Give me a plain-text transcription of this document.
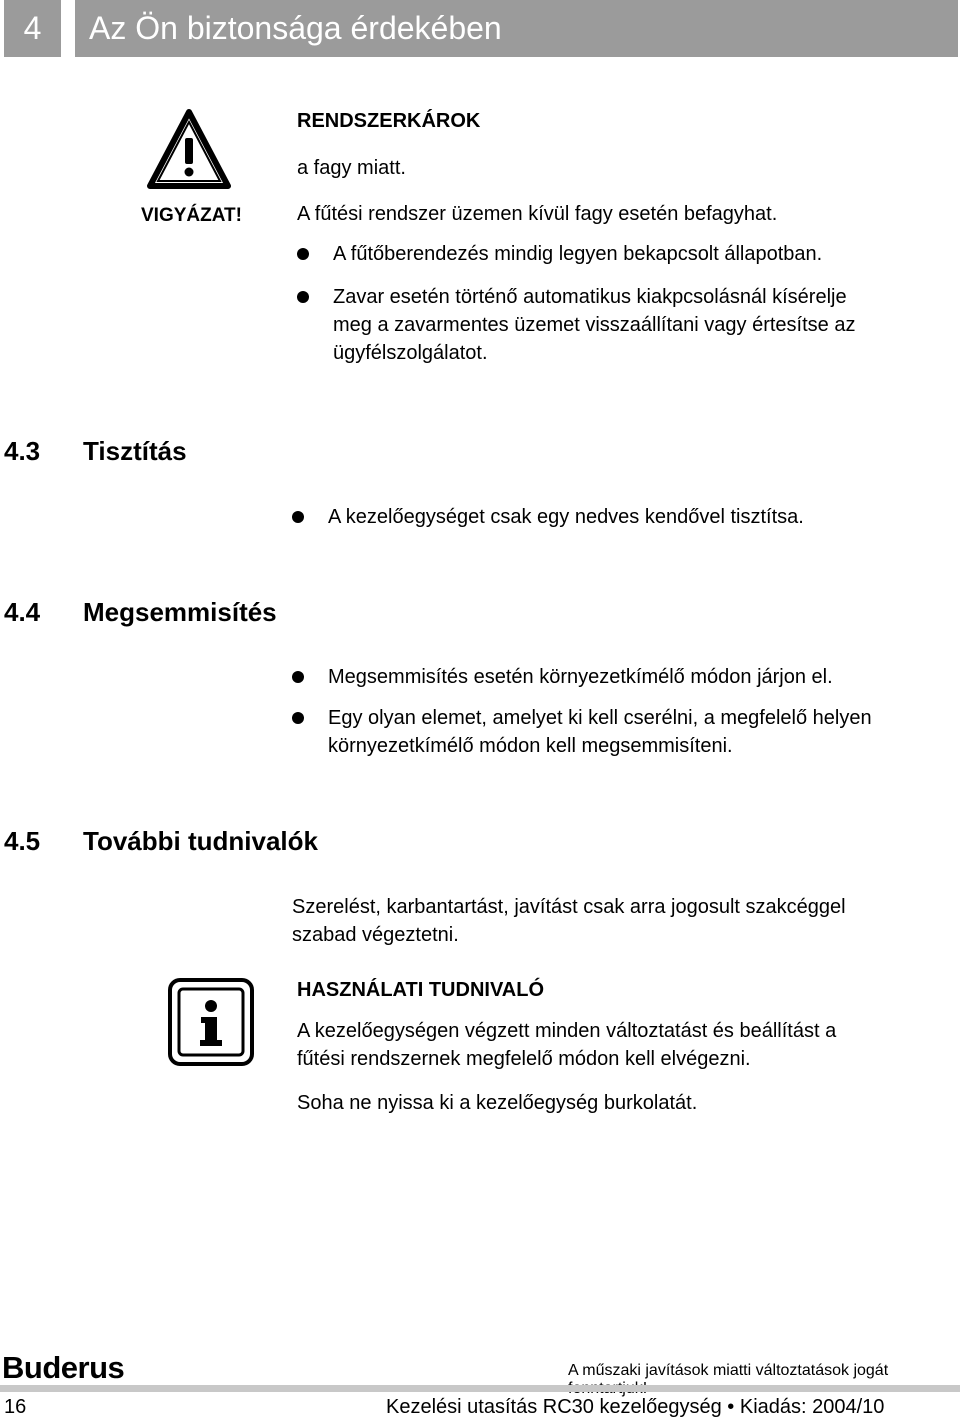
4	Az Ön biztonsága érdekében
VIGYÁZAT!
RENDSZERKÁROK
a fagy miatt.
A fűtési rendszer üzemen kívül fagy esetén befagyhat.
A fűtőberendezés mindig legyen bekapcsolt állapotban.
Zavar esetén történő automatikus kiakpcsolásnál kísérelje
meg a zavarmentes üzemet visszaállítani vagy értesítse az
ügyfélszolgálatot.
4.3 Tisztítás
A kezelőegységet csak egy nedves kendővel tisztítsa.
4.4 Megsemmisítés
Megsemmisítés esetén környezetkímélő módon járjon el.
Egy olyan elemet, amelyet ki kell cserélni, a megfelelő helyen
környezetkímélő módon kell megsemmisíteni.
4.5 További tudnivalók
Szerelést, karbantartást, javítást csak arra jogosult szakcéggel
szabad végeztetni.
HASZNÁLATI TUDNIVALÓ
A kezelőegységen végzett minden változtatást és beállítást a
fűtési rendszernek megfelelő módon kell elvégezni.
Soha ne nyissa ki a kezelőegység burkolatát.
Buderus	A műszaki javítások miatti változtatások jogát
16	Kezelési utasítás RC30 kezelőegység • Kiadás: 2004/10
